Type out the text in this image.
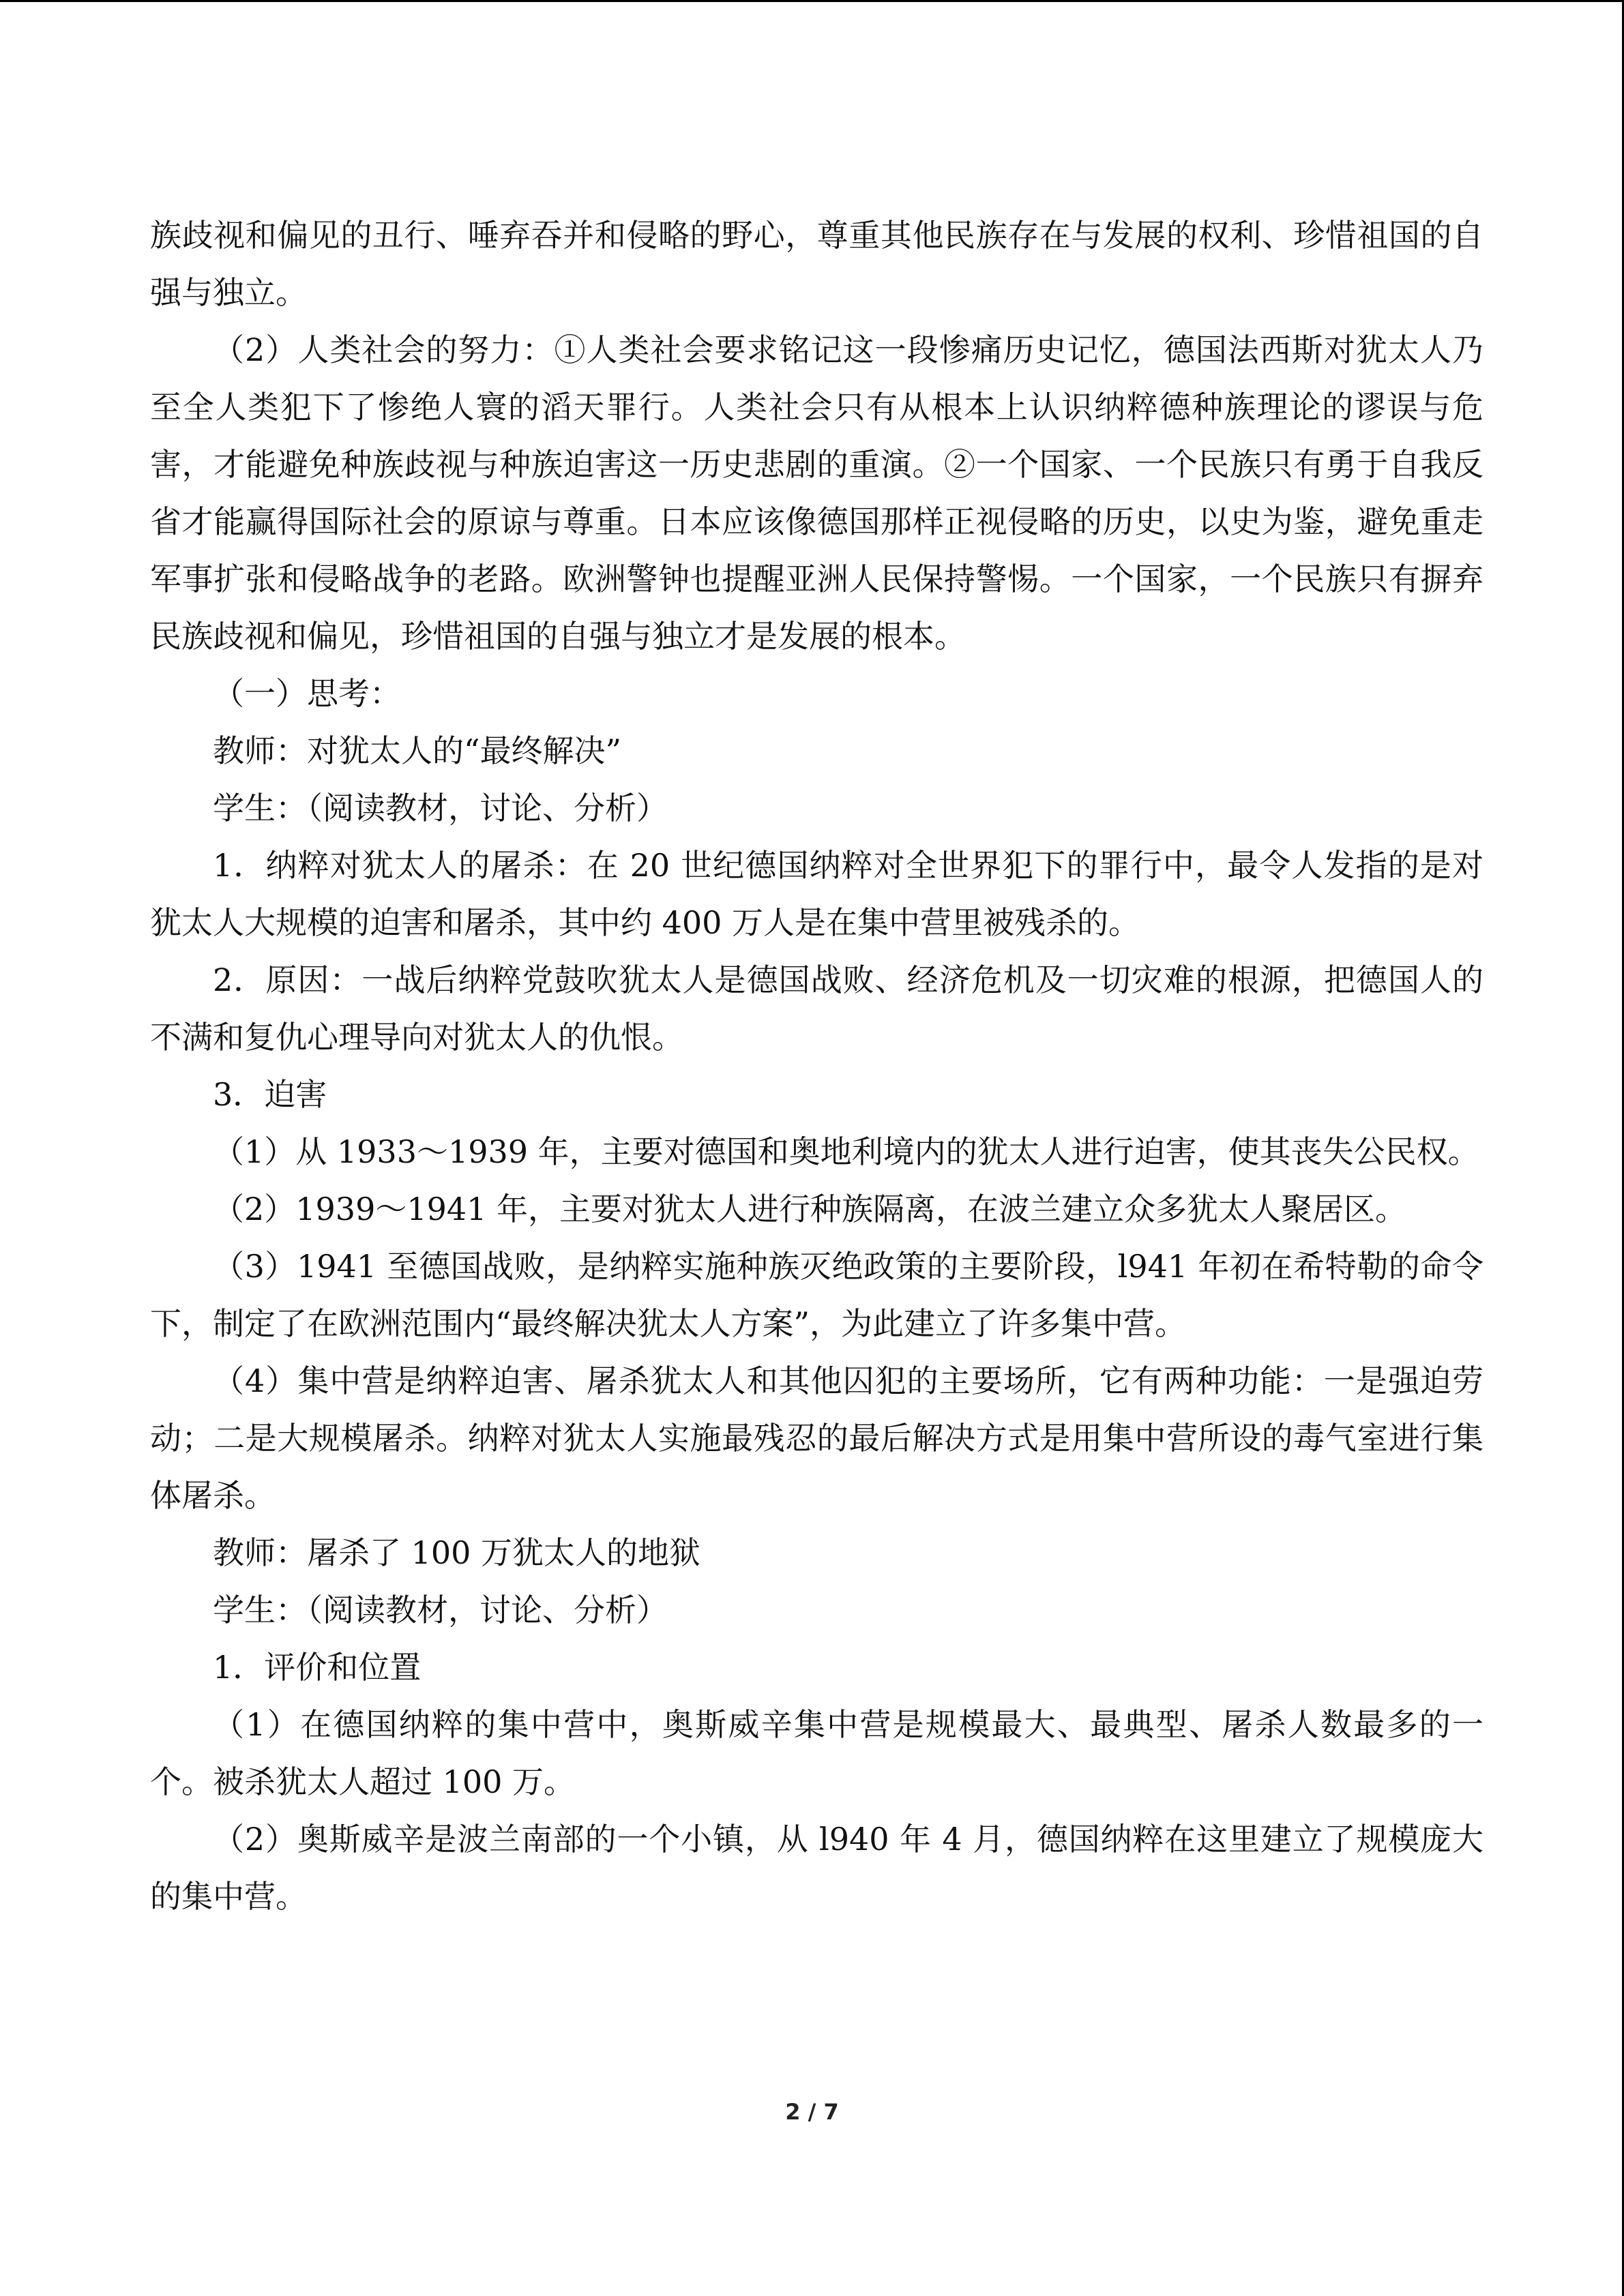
族歧视和偏见的丑行、唾弃吞并和侵略的野心，尊重其他民族存在与发展的权利、珍惜祖国的自强与独立。

（2）人类社会的努力：①人类社会要求铭记这一段惨痛历史记忆，德国法西斯对犹太人乃至全人类犯下了惨绝人寰的滔天罪行。人类社会只有从根本上认识纳粹德种族理论的谬误与危害，才能避免种族歧视与种族迫害这一历史悲剧的重演。②一个国家、一个民族只有勇于自我反省才能赢得国际社会的原谅与尊重。日本应该像德国那样正视侵略的历史，以史为鉴，避免重走军事扩张和侵略战争的老路。欧洲警钟也提醒亚洲人民保持警惕。一个国家，一个民族只有摒弃民族歧视和偏见，珍惜祖国的自强与独立才是发展的根本。

（一）思考：

教师：对犹太人的“最终解决”

学生：（阅读教材，讨论、分析）

1．纳粹对犹太人的屠杀：在 20 世纪德国纳粹对全世界犯下的罪行中，最令人发指的是对犹太人大规模的迫害和屠杀，其中约 400 万人是在集中营里被残杀的。

2．原因：一战后纳粹党鼓吹犹太人是德国战败、经济危机及一切灾难的根源，把德国人的不满和复仇心理导向对犹太人的仇恨。

3．迫害

（1）从 1933～1939 年，主要对德国和奥地利境内的犹太人进行迫害，使其丧失公民权。

（2）1939～1941 年，主要对犹太人进行种族隔离，在波兰建立众多犹太人聚居区。

（3）1941 至德国战败，是纳粹实施种族灭绝政策的主要阶段，l941 年初在希特勒的命令下，制定了在欧洲范围内“最终解决犹太人方案”，为此建立了许多集中营。

（4）集中营是纳粹迫害、屠杀犹太人和其他囚犯的主要场所，它有两种功能：一是强迫劳动；二是大规模屠杀。纳粹对犹太人实施最残忍的最后解决方式是用集中营所设的毒气室进行集体屠杀。

教师：屠杀了 100 万犹太人的地狱

学生：（阅读教材，讨论、分析）

1．评价和位置

（1）在德国纳粹的集中营中，奥斯威辛集中营是规模最大、最典型、屠杀人数最多的一个。被杀犹太人超过 100 万。

（2）奥斯威辛是波兰南部的一个小镇，从 l940 年 4 月，德国纳粹在这里建立了规模庞大的集中营。

2 / 7
